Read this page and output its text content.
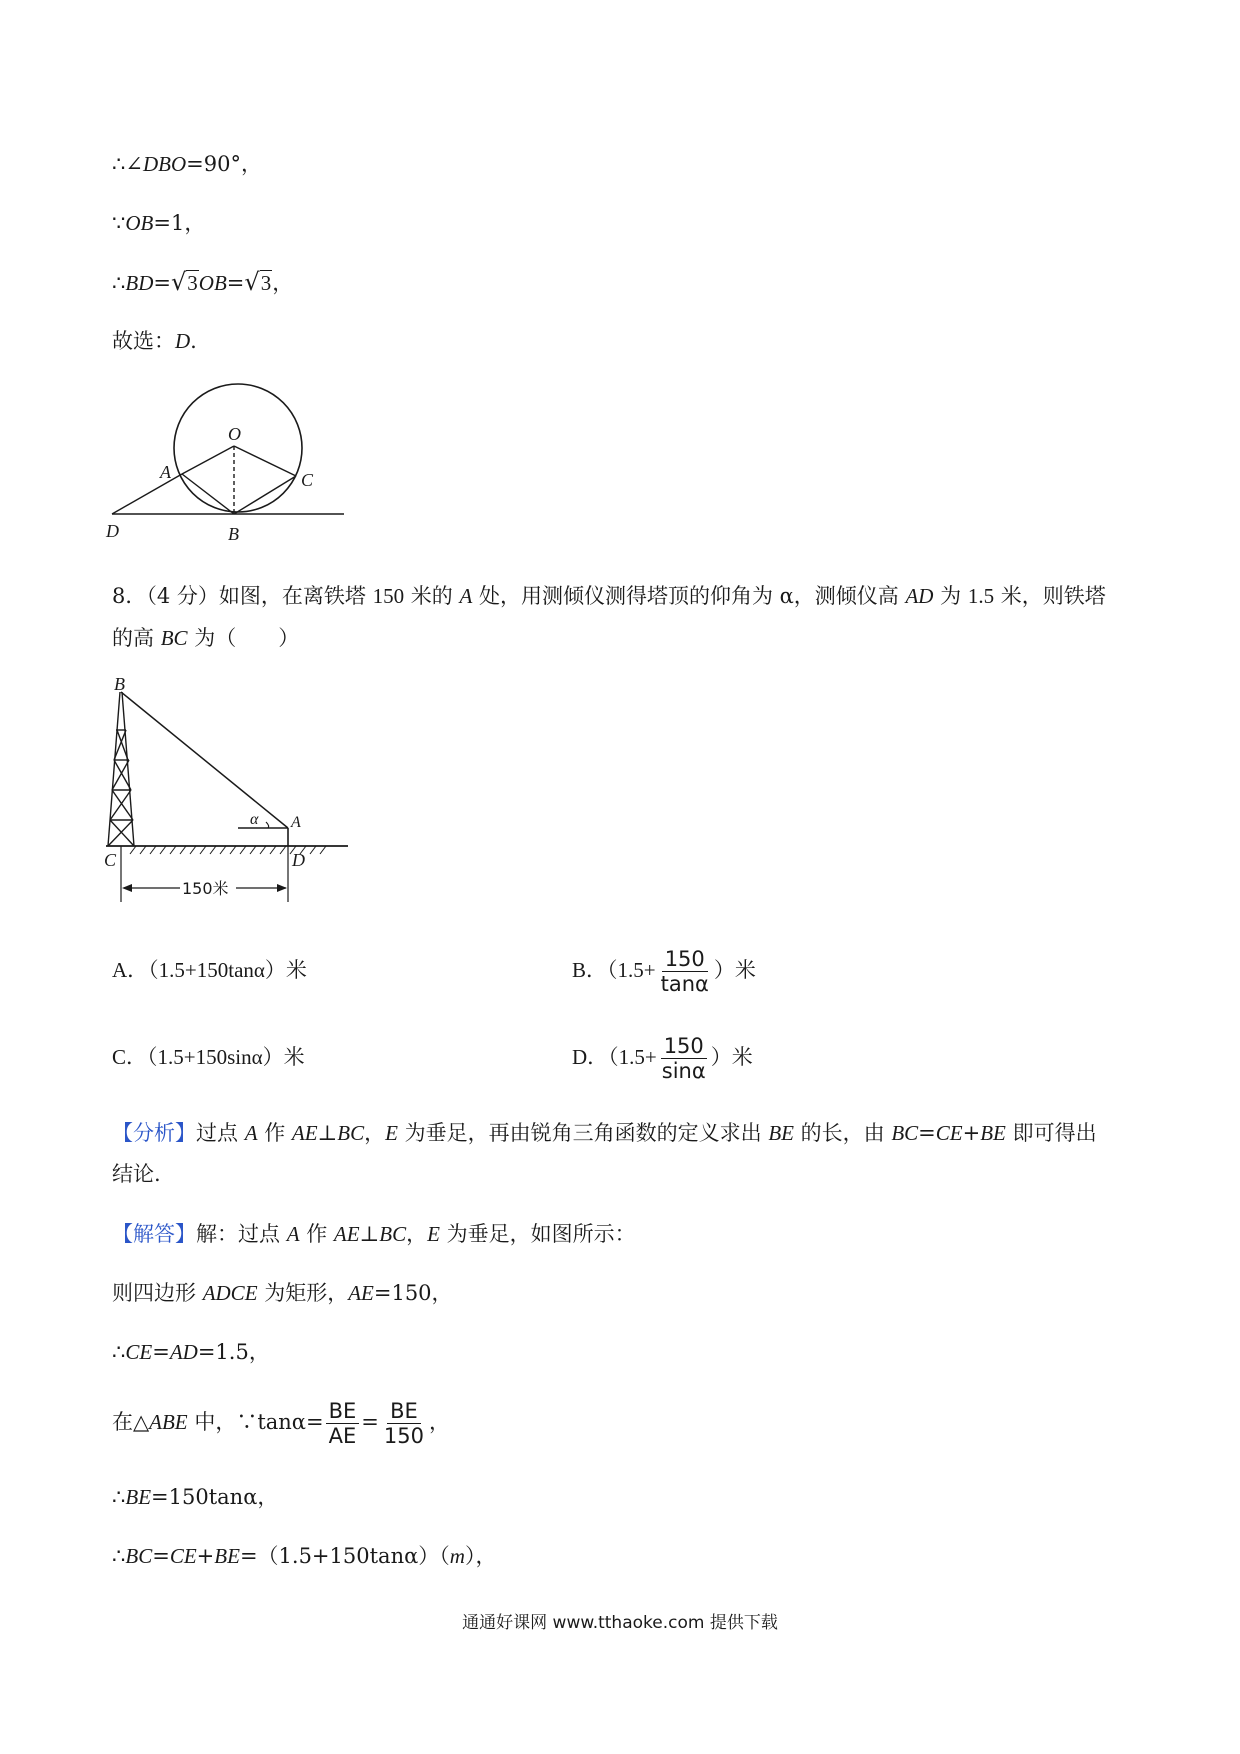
∴∠DBO=90°，
∵OB=1，
∴BD=√3OB=√3，
故选：D.
O
A	C
D	B
8．（4 分）如图，在离铁塔 150 米的 A 处，用测倾仪测得塔顶的仰角为 α，测倾仪高 AD 为 1.5 米，则铁塔
的高 BC 为（　　）
150米
B
α A
C	D
A．（1.5+150tanα）米	B．（$1.5+ \frac{150}{\tan\alpha}$ ）米
C．（1.5+150sinα）米	D．（$1.5+ \frac{150}{\sin\alpha}$ ）米
【分析】过点 A 作 AE⊥BC，E 为垂足，再由锐角三角函数的定义求出 BE 的长，由 BC=CE+BE 即可得出
结论.
【解答】解：过点 A 作 AE⊥BC，E 为垂足，如图所示：
则四边形 ADCE 为矩形，AE=150，
∴CE=AD=1.5，
在△ABE 中，∵tanα= $\frac{BE}{AE} = \frac{BE}{150}$ ，
∴BE=150tanα，
∴BC=CE+BE=（1.5+150tanα）（m），
通通好课网 www.tthaoke.com 提供下载
